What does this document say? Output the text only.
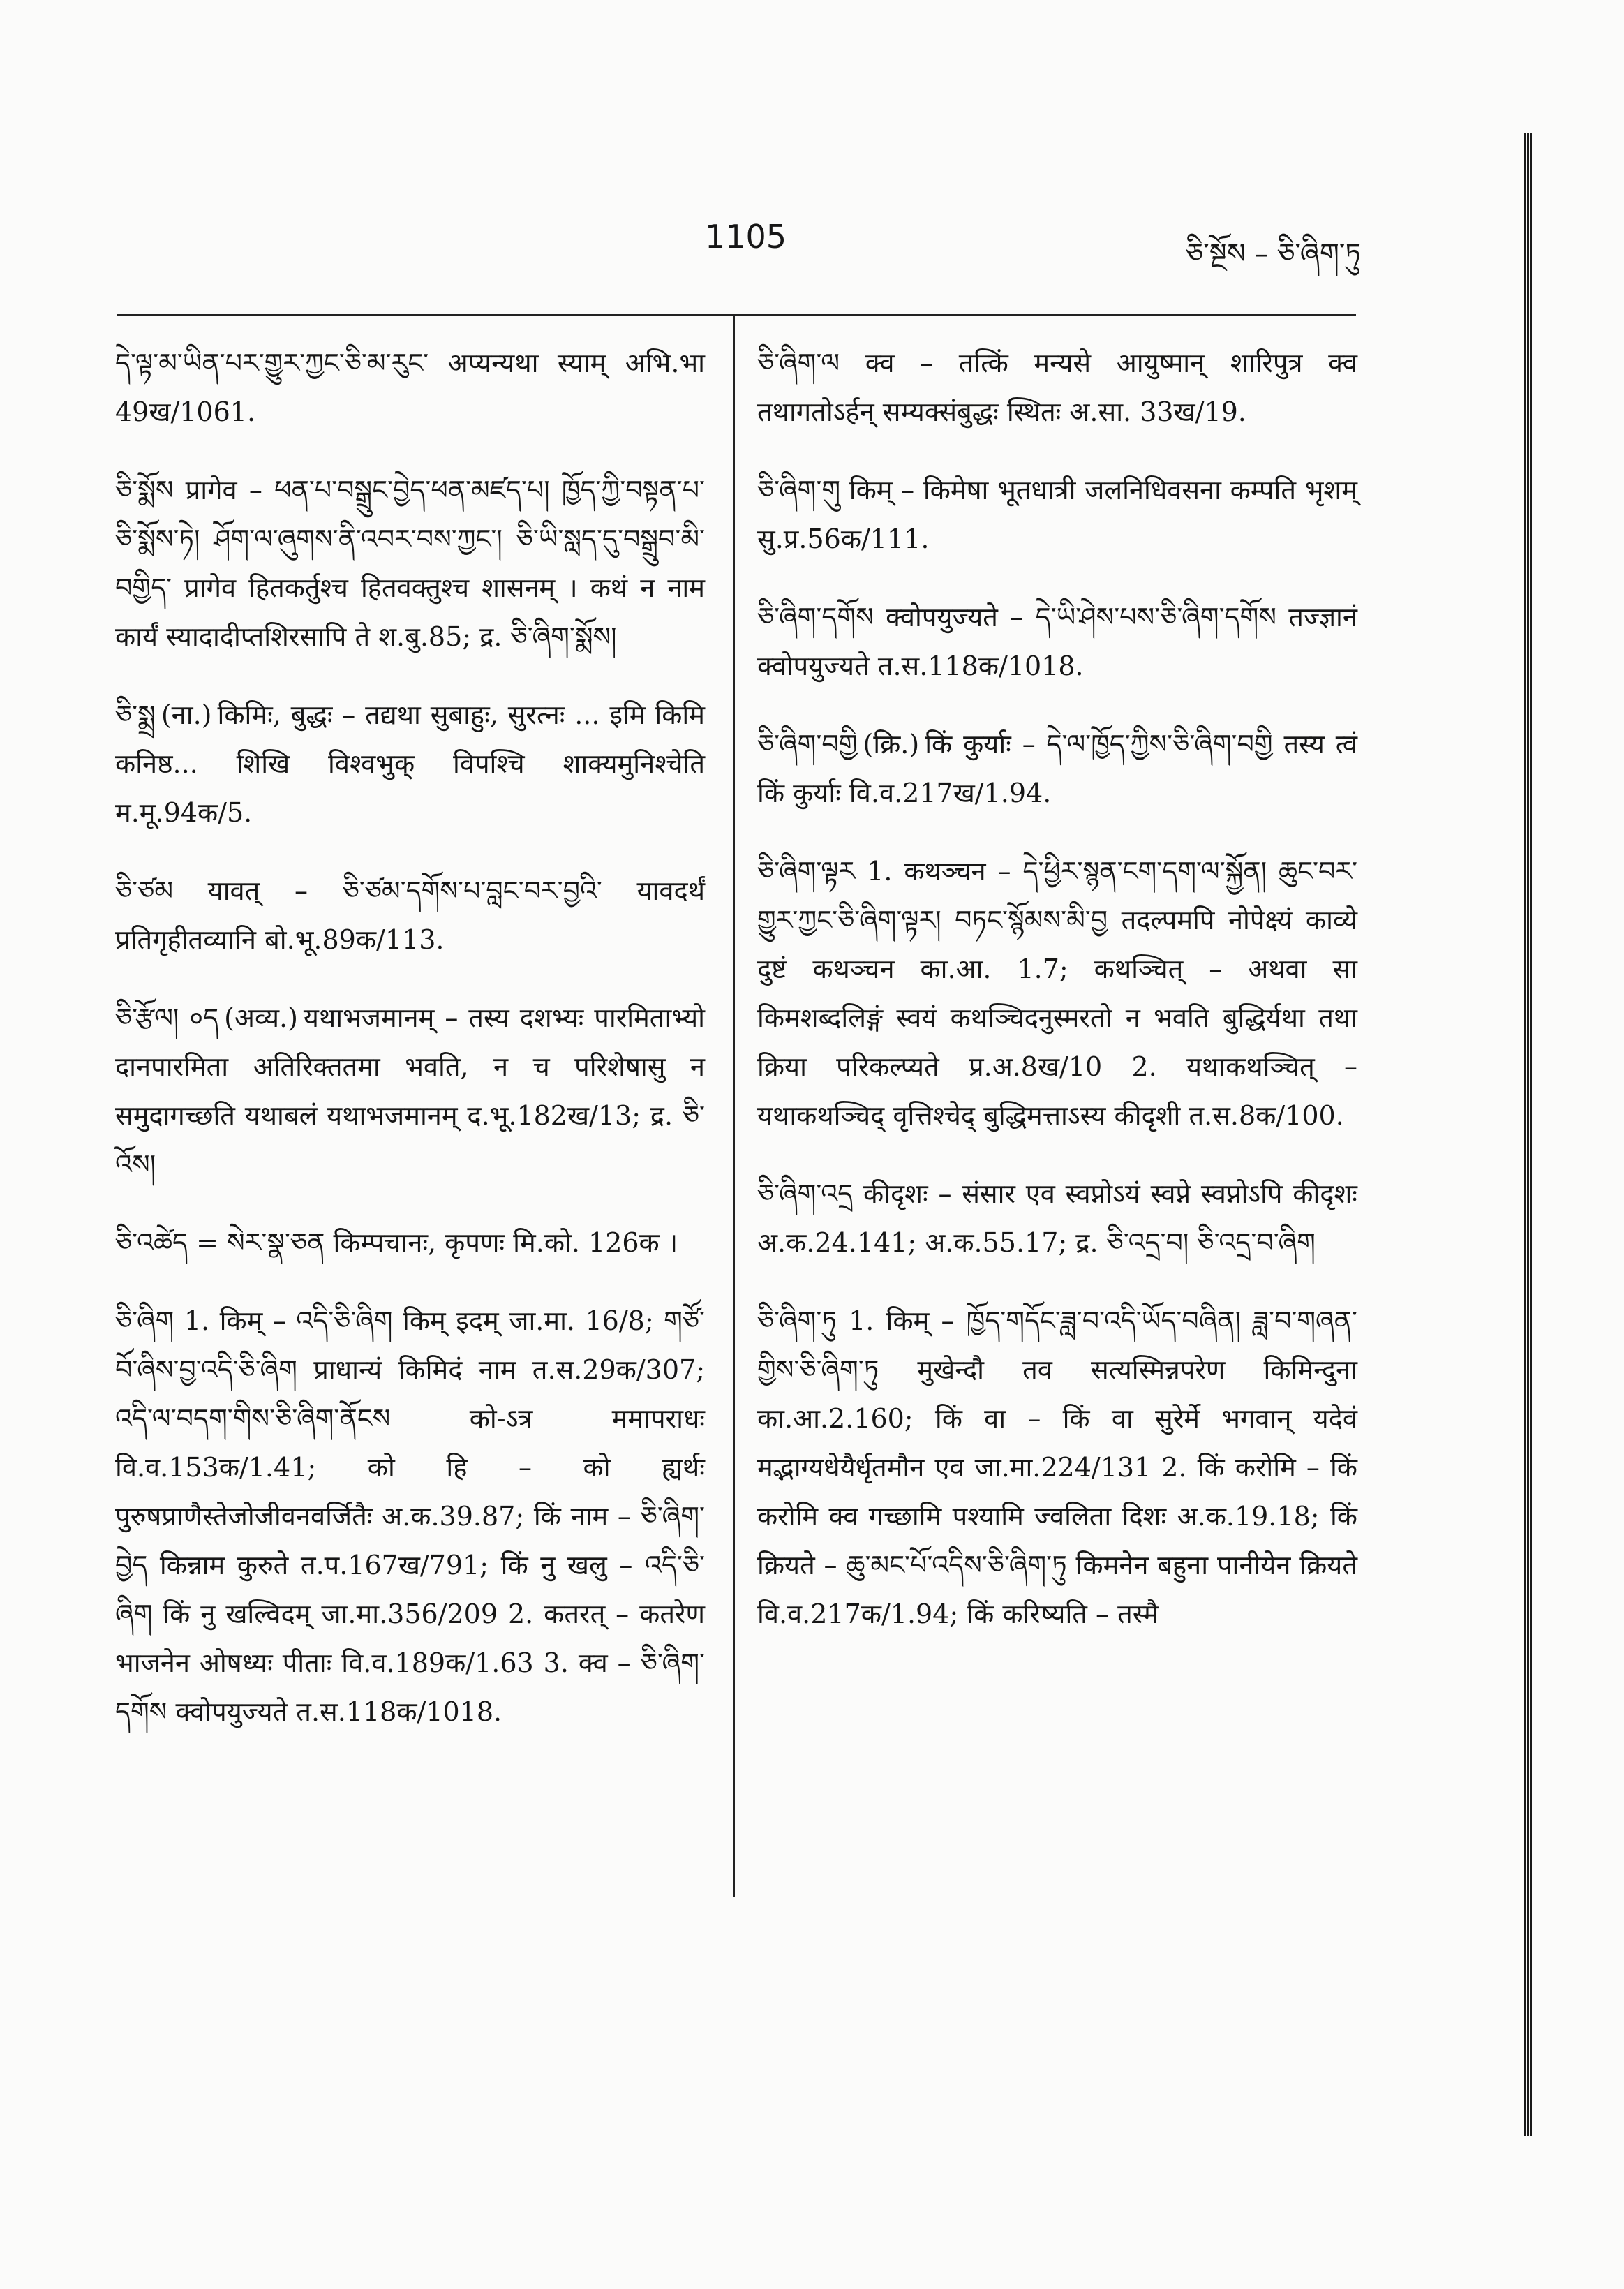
1105	ཅི་སྔོས – ཅི་ཞིག་ཏུ
དེ་ལྟ་མ་ཡིན་པར་གྱུར་ཀྱང་ཅི་མ་རུང་ अप्यन्यथा स्याम् अभि.भा 49ख/1061.
ཅི་སྨོས प्रागेव – ཕན་པ་བསྒྲུང་བྱེད་ཕན་མཛད་པ། ཁྱོད་ཀྱི་བསྟན་པ་ཅི་སྨོས་ཏེ། ཤོག་ལ་ཞུགས་ནི་འབར་བས་ཀྱང་། ཅི་ཡི་སླད་དུ་བསྒྲུབ་མི་བགྱིད་ प्रागेव हितकर्तुश्च हितवक्तुश्च शासनम् । कथं न नाम कार्यं स्यादादीप्तशिरसापि ते श.बु.85; द्र. ཅི་ཞིག་སྨོས།
ཅི་སྨྲ (ना.) किमिः, बुद्धः – तद्यथा सुबाहुः, सुरत्नः ... इमि किमि कनिष्ठ... शिखि विश्वभुक् विपश्चि शाक्यमुनिश्चेति म.मू.94क/5.
ཅི་ཙམ यावत् – ཅི་ཙམ་དགོས་པ་བླང་བར་བྱའི་ यावदर्थं प्रतिगृहीतव्यानि बो.भू.89क/113.
ཅི་རྩོལ། ०ད (अव्य.) यथाभजमानम् – तस्य दशभ्यः पारमिताभ्यो दानपारमिता अतिरिक्ततमा भवति, न च परिशेषासु न समुदागच्छति यथाबलं यथाभजमानम् द.भू.182ख/13; द्र. ཅི་འོས།
ཅི་འཚེད = སེར་སྣ་ཅན किम्पचानः, कृपणः मि.को. 126क ।
ཅི་ཞིག 1. किम् – འདི་ཅི་ཞིག किम् इदम् जा.मा. 16/8; གཙོ་བོ་ཞིས་བྱ་འདི་ཅི་ཞིག प्राधान्यं किमिदं नाम त.स.29क/307; འདི་ལ་བདག་གིས་ཅི་ཞིག་ནོངས को-ऽत्र ममापराधः वि.व.153क/1.41; को हि – को ह्यर्थः पुरुषप्राणैस्तेजोजीवनवर्जितैः अ.क.39.87; किं नाम – ཅི་ཞིག་བྱེད किन्नाम कुरुते त.प.167ख/791; किं नु खलु – འདི་ཅི་ཞིག किं नु खल्विदम् जा.मा.356/209 2. कतरत् – कतरेण भाजनेन ओषध्यः पीताः वि.व.189क/1.63 3. क्व – ཅི་ཞིག་དགོས क्वोपयुज्यते त.स.118क/1018.
ཅི་ཞིག་ལ क्व – तत्किं मन्यसे आयुष्मान् शारिपुत्र क्व तथागतोऽर्हन् सम्यक्संबुद्धः स्थितः अ.सा. 33ख/19.
ཅི་ཞིག་གུ किम् – किमेषा भूतधात्री जलनिधिवसना कम्पति भृशम् सु.प्र.56क/111.
ཅི་ཞིག་དགོས क्वोपयुज्यते – དེ་ཡི་ཤེས་པས་ཅི་ཞིག་དགོས तज्ज्ञानं क्वोपयुज्यते त.स.118क/1018.
ཅི་ཞིག་བགྱི (क्रि.) किं कुर्याः – དེ་ལ་ཁྱོད་ཀྱིས་ཅི་ཞིག་བགྱི तस्य त्वं किं कुर्याः वि.व.217ख/1.94.
ཅི་ཞིག་ལྟར 1. कथञ्चन – དེ་ཕྱིར་སྙན་ངག་དག་ལ་སྐྱོན། ཆུང་བར་གྱུར་ཀྱང་ཅི་ཞིག་ལྟར། བཏང་སྙོམས་མི་བྱ तदल्पमपि नोपेक्ष्यं काव्ये दुष्टं कथञ्चन का.आ. 1.7; कथञ्चित् – अथवा सा किमशब्दलिङ्गं स्वयं कथञ्चिदनुस्मरतो न भवति बुद्धिर्यथा तथा क्रिया परिकल्प्यते प्र.अ.8ख/10 2. यथाकथञ्चित् – यथाकथञ्चिद् वृत्तिश्चेद् बुद्धिमत्ताऽस्य कीदृशी त.स.8क/100.
ཅི་ཞིག་འདྲ कीदृशः – संसार एव स्वप्नोऽयं स्वप्ने स्वप्नोऽपि कीदृशः अ.क.24.141; अ.क.55.17; द्र. ཅི་འདྲ་བ། ཅི་འདྲ་བ་ཞིག
ཅི་ཞིག་ཏུ 1. किम् – ཁྱོད་གདོང་ཟླ་བ་འདི་ཡོད་བཞིན། ཟླ་བ་གཞན་གྱིས་ཅི་ཞིག་ཏུ मुखेन्दौ तव सत्यस्मिन्नपरेण किमिन्दुना का.आ.2.160; किं वा – किं वा सुरेर्मे भगवान् यदेवं मद्भाग्यधेयैर्धृतमौन एव जा.मा.224/131 2. किं करोमि – किं करोमि क्व गच्छामि पश्यामि ज्वलिता दिशः अ.क.19.18; किं क्रियते – ཆུ་མང་པོ་འདིས་ཅི་ཞིག་ཏུ किमनेन बहुना पानीयेन क्रियते वि.व.217क/1.94; किं करिष्यति – तस्मै
